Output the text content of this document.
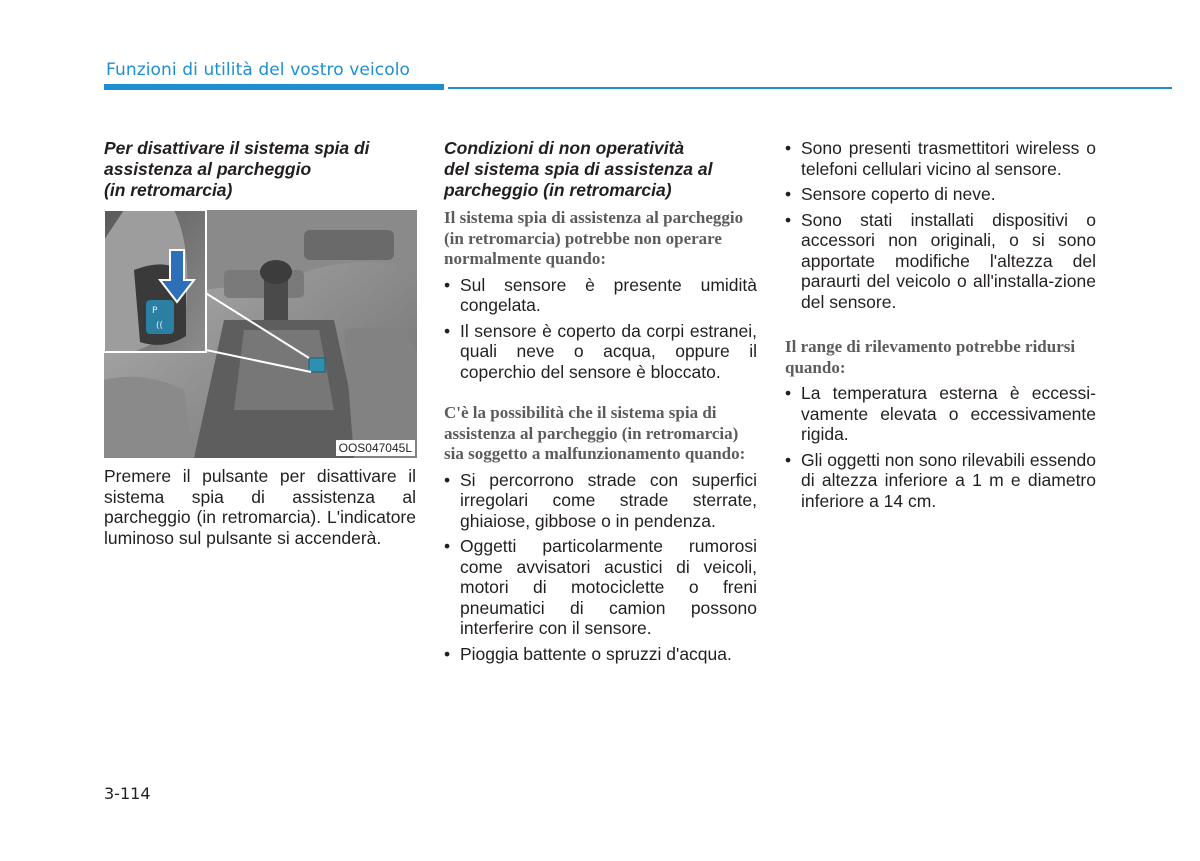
Funzioni di utilità del vostro veicolo

Per disattivare il sistema spia di
assistenza al parcheggio
(in retromarcia)

P
((
OOS047045L

Premere il pulsante per disattivare il sistema spia di assistenza al parcheggio (in retromarcia). L'indicatore luminoso sul pulsante si accenderà.

Condizioni di non operatività
del sistema spia di assistenza al
parcheggio (in retromarcia)

Il sistema spia di assistenza al parcheggio (in retromarcia) potrebbe non operare normalmente quando:

• Sul sensore è presente umidità congelata.
• Il sensore è coperto da corpi estranei, quali neve o acqua, oppure il coperchio del sensore è bloccato.

C'è la possibilità che il sistema spia di assistenza al parcheggio (in retromarcia) sia soggetto a malfunzionamento quando:

• Si percorrono strade con superfici irregolari come strade sterrate, ghiaiose, gibbose o in pendenza.
• Oggetti particolarmente rumorosi come avvisatori acustici di veicoli, motori di motociclette o freni pneumatici di camion possono interferire con il sensore.
• Pioggia battente o spruzzi d'acqua.
• Sono presenti trasmettitori wireless o telefoni cellulari vicino al sensore.
• Sensore coperto di neve.
• Sono stati installati dispositivi o accessori non originali, o si sono apportate modifiche l'altezza del paraurti del veicolo o all'installa-zione del sensore.

Il range di rilevamento potrebbe ridursi quando:

• La temperatura esterna è eccessi-vamente elevata o eccessivamente rigida.
• Gli oggetti non sono rilevabili essendo di altezza inferiore a 1 m e diametro inferiore a 14 cm.
3-114
